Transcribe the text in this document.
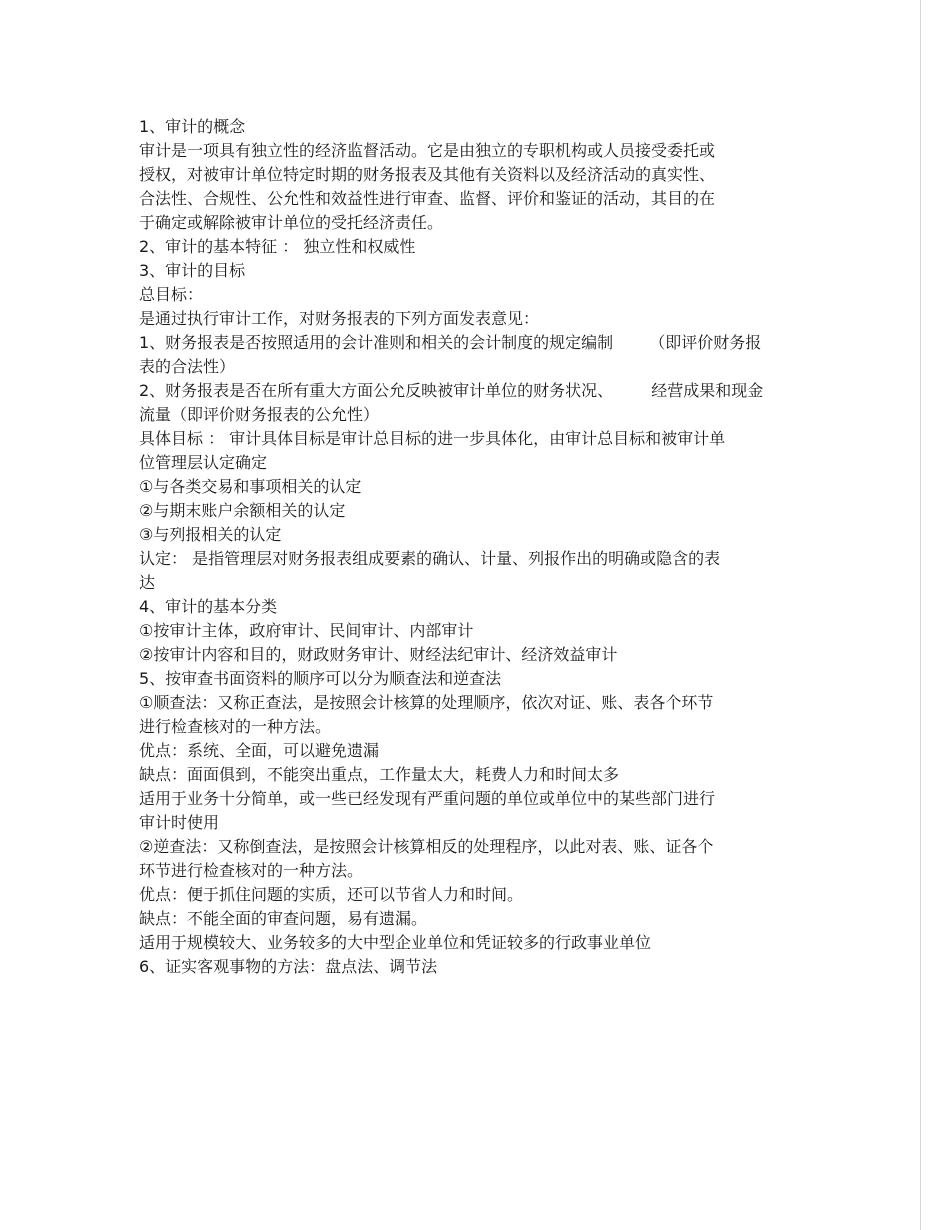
1、审计的概念
审计是一项具有独立性的经济监督活动。它是由独立的专职机构或人员接受委托或
授权，对被审计单位特定时期的财务报表及其他有关资料以及经济活动的真实性、
合法性、合规性、公允性和效益性进行审查、监督、评价和鉴证的活动，其目的在
于确定或解除被审计单位的受托经济责任。
2、审计的基本特征 ： 独立性和权威性
3、审计的目标
总目标：
是通过执行审计工作，对财务报表的下列方面发表意见：
1、财务报表是否按照适用的会计准则和相关的会计制度的规定编制 （即评价财务报
表的合法性）
2、财务报表是否在所有重大方面公允反映被审计单位的财务状况、 经营成果和现金
流量（即评价财务报表的公允性）
具体目标 ： 审计具体目标是审计总目标的进一步具体化，由审计总目标和被审计单
位管理层认定确定
①与各类交易和事项相关的认定
②与期末账户余额相关的认定
③与列报相关的认定
认定： 是指管理层对财务报表组成要素的确认、计量、列报作出的明确或隐含的表
达
4、审计的基本分类
①按审计主体，政府审计、民间审计、内部审计
②按审计内容和目的，财政财务审计、财经法纪审计、经济效益审计
5、按审查书面资料的顺序可以分为顺查法和逆查法
①顺查法：又称正查法，是按照会计核算的处理顺序，依次对证、账、表各个环节
进行检查核对的一种方法。
优点：系统、全面，可以避免遗漏
缺点：面面俱到，不能突出重点，工作量太大，耗费人力和时间太多
适用于业务十分简单，或一些已经发现有严重问题的单位或单位中的某些部门进行
审计时使用
②逆查法：又称倒查法，是按照会计核算相反的处理程序，以此对表、账、证各个
环节进行检查核对的一种方法。
优点：便于抓住问题的实质，还可以节省人力和时间。
缺点：不能全面的审查问题，易有遗漏。
适用于规模较大、业务较多的大中型企业单位和凭证较多的行政事业单位
6、证实客观事物的方法：盘点法、调节法
